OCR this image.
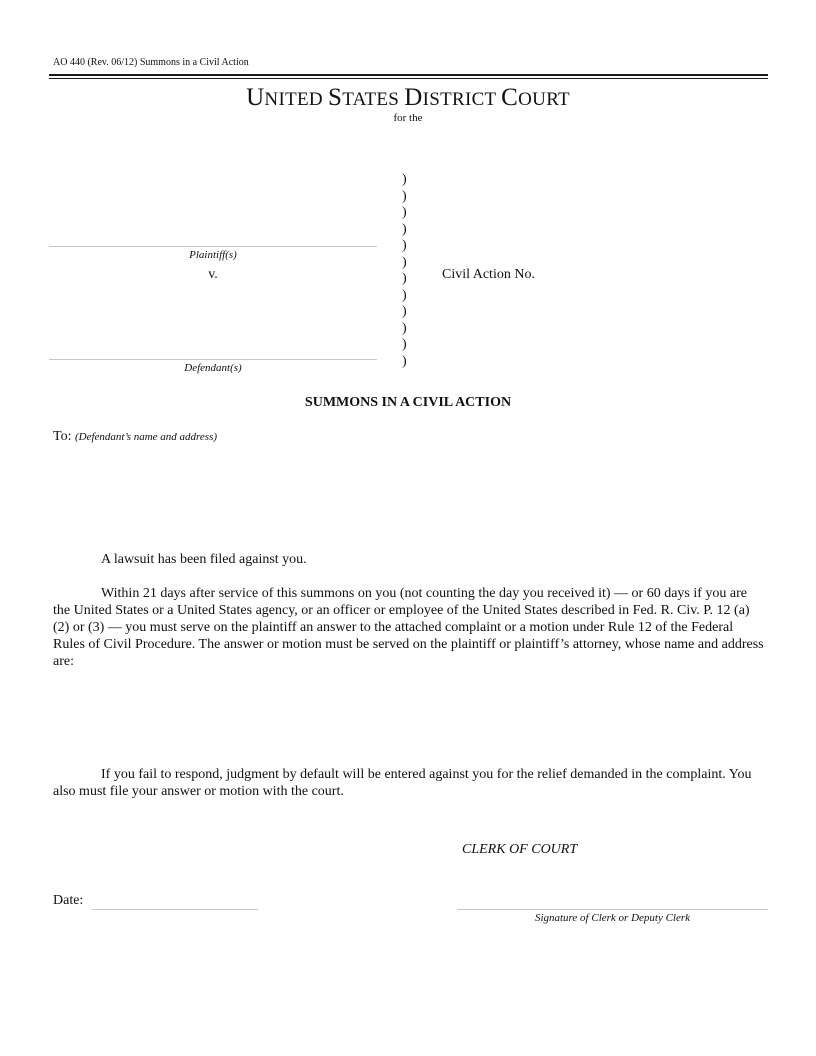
AO 440 (Rev. 06/12) Summons in a Civil Action
UNITED STATES DISTRICT COURT
for the
)
)
)
)
)
)
)
)
)
)
)
)
Plaintiff(s)
v.
Defendant(s)
Civil Action No.
SUMMONS IN A CIVIL ACTION
To: (Defendant’s name and address)
A lawsuit has been filed against you.
Within 21 days after service of this summons on you (not counting the day you received it) — or 60 days if you are the United States or a United States agency, or an officer or employee of the United States described in Fed. R. Civ. P. 12 (a)(2) or (3) — you must serve on the plaintiff an answer to the attached complaint or a motion under Rule 12 of the Federal Rules of Civil Procedure. The answer or motion must be served on the plaintiff or plaintiff’s attorney, whose name and address are:
If you fail to respond, judgment by default will be entered against you for the relief demanded in the complaint. You also must file your answer or motion with the court.
CLERK OF COURT
Date:
Signature of Clerk or Deputy Clerk
